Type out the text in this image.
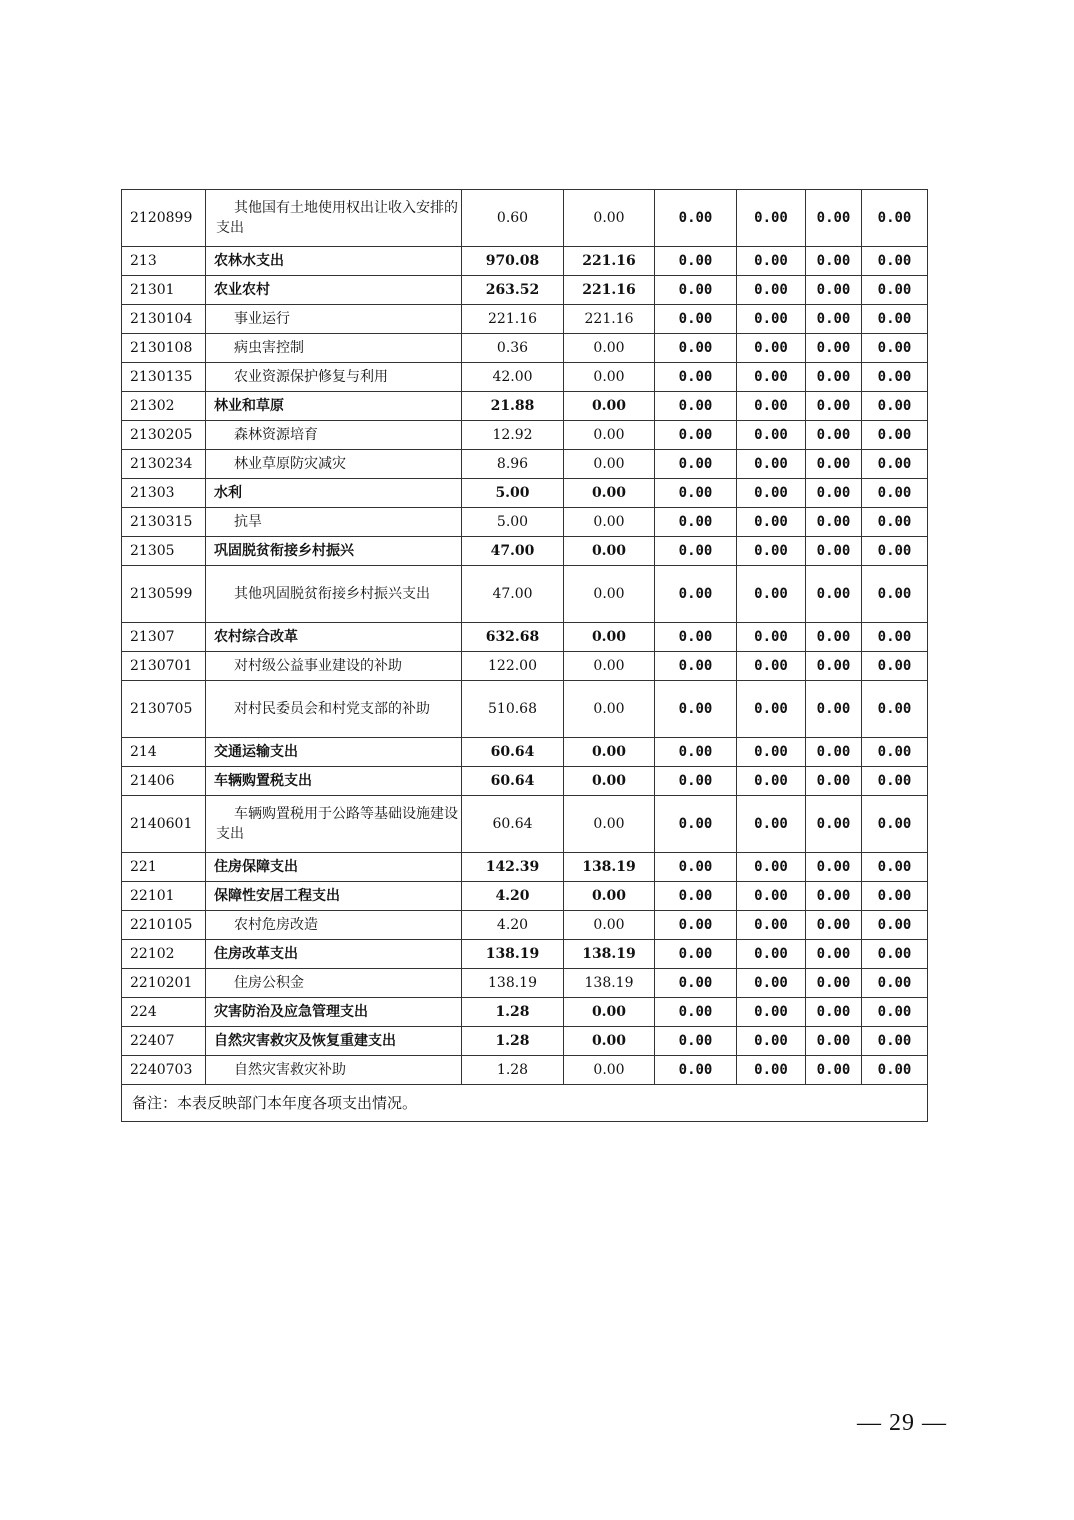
2120899	其他国有土地使用权出让收入安排的支出	0.60	0.00	0.00	0.00	0.00	0.00
213	农林水支出	970.08	221.16	0.00	0.00	0.00	0.00
21301	农业农村	263.52	221.16	0.00	0.00	0.00	0.00
2130104	事业运行	221.16	221.16	0.00	0.00	0.00	0.00
2130108	病虫害控制	0.36	0.00	0.00	0.00	0.00	0.00
2130135	农业资源保护修复与利用	42.00	0.00	0.00	0.00	0.00	0.00
21302	林业和草原	21.88	0.00	0.00	0.00	0.00	0.00
2130205	森林资源培育	12.92	0.00	0.00	0.00	0.00	0.00
2130234	林业草原防灾减灾	8.96	0.00	0.00	0.00	0.00	0.00
21303	水利	5.00	0.00	0.00	0.00	0.00	0.00
2130315	抗旱	5.00	0.00	0.00	0.00	0.00	0.00
21305	巩固脱贫衔接乡村振兴	47.00	0.00	0.00	0.00	0.00	0.00
2130599	其他巩固脱贫衔接乡村振兴支出	47.00	0.00	0.00	0.00	0.00	0.00
21307	农村综合改革	632.68	0.00	0.00	0.00	0.00	0.00
2130701	对村级公益事业建设的补助	122.00	0.00	0.00	0.00	0.00	0.00
2130705	对村民委员会和村党支部的补助	510.68	0.00	0.00	0.00	0.00	0.00
214	交通运输支出	60.64	0.00	0.00	0.00	0.00	0.00
21406	车辆购置税支出	60.64	0.00	0.00	0.00	0.00	0.00
2140601	车辆购置税用于公路等基础设施建设支出	60.64	0.00	0.00	0.00	0.00	0.00
221	住房保障支出	142.39	138.19	0.00	0.00	0.00	0.00
22101	保障性安居工程支出	4.20	0.00	0.00	0.00	0.00	0.00
2210105	农村危房改造	4.20	0.00	0.00	0.00	0.00	0.00
22102	住房改革支出	138.19	138.19	0.00	0.00	0.00	0.00
2210201	住房公积金	138.19	138.19	0.00	0.00	0.00	0.00
224	灾害防治及应急管理支出	1.28	0.00	0.00	0.00	0.00	0.00
22407	自然灾害救灾及恢复重建支出	1.28	0.00	0.00	0.00	0.00	0.00
2240703	自然灾害救灾补助	1.28	0.00	0.00	0.00	0.00	0.00
备注：本表反映部门本年度各项支出情况。							
— 29 —
